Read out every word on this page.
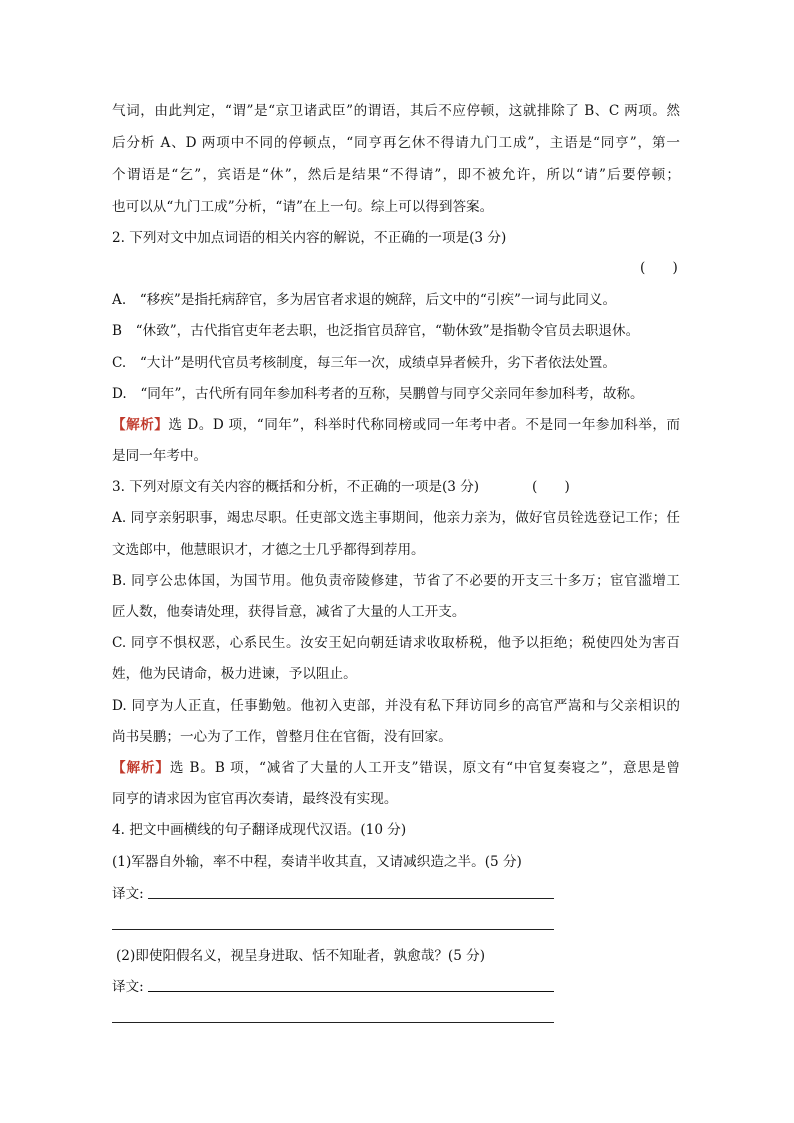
气词，由此判定，“谓”是“京卫诸武臣”的谓语，其后不应停顿，这就排除了 B、C 两项。然
后分析 A、D 两项中不同的停顿点，“同亨再乞休不得请九门工成”，主语是“同亨”，第一
个谓语是“乞”，宾语是“休”，然后是结果“不得请”，即不被允许，所以“请”后要停顿；
也可以从“九门工成”分析，“请”在上一句。综上可以得到答案。
2. 下列对文中加点词语的相关内容的解说，不正确的一项是(3 分)
(　　)
A.　“移疾”是指托病辞官，多为居官者求退的婉辞，后文中的“引疾”一词与此同义。
B　“休致”，古代指官吏年老去职，也泛指官员辞官，“勒休致”是指勒令官员去职退休。
C.　“大计”是明代官员考核制度，每三年一次，成绩卓异者候升，劣下者依法处置。
D.　“同年”，古代所有同年参加科考者的互称，吴鹏曾与同亨父亲同年参加科考，故称。
【解析】选 D。D 项，“同年”，科举时代称同榜或同一年考中者。不是同一年参加科举，而
是同一年考中。
3. 下列对原文有关内容的概括和分析，不正确的一项是(3 分)	(　　)
A. 同亨亲躬职事，竭忠尽职。任吏部文选主事期间，他亲力亲为，做好官员铨选登记工作；任
文选郎中，他慧眼识才，才德之士几乎都得到荐用。
B. 同亨公忠体国，为国节用。他负责帝陵修建，节省了不必要的开支三十多万；宦官滥增工
匠人数，他奏请处理，获得旨意，减省了大量的人工开支。
C. 同亨不惧权恶，心系民生。汝安王妃向朝廷请求收取桥税，他予以拒绝；税使四处为害百
姓，他为民请命，极力进谏，予以阻止。
D. 同亨为人正直，任事勤勉。他初入吏部，并没有私下拜访同乡的高官严嵩和与父亲相识的
尚书吴鹏；一心为了工作，曾整月住在官衙，没有回家。
【解析】选 B。B 项，“减省了大量的人工开支”错误，原文有“中官复奏寝之”，意思是曾
同亨的请求因为宦官再次奏请，最终没有实现。
4. 把文中画横线的句子翻译成现代汉语。(10 分)
(1)军器自外输，率不中程，奏请半收其直，又请减织造之半。(5 分)
译文:
(2)即使阳假名义，视呈身进取、恬不知耻者，孰愈哉？(5 分)
译文:
